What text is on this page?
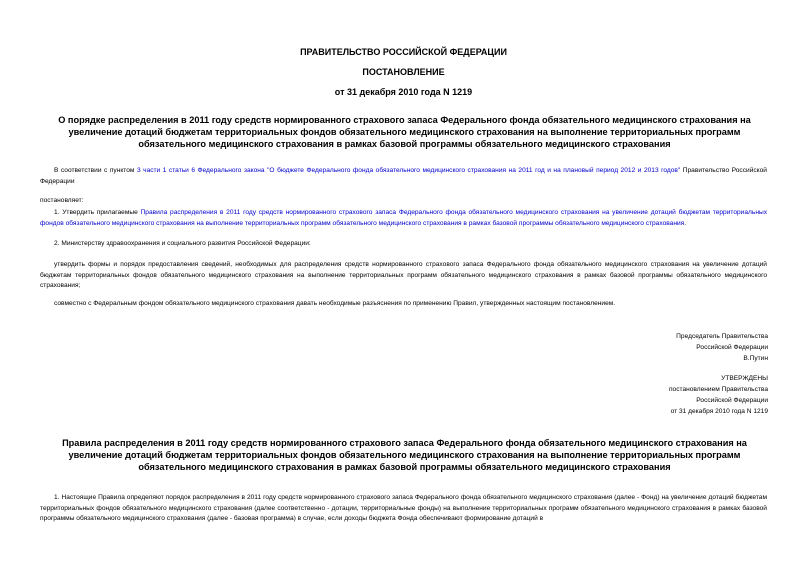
ПРАВИТЕЛЬСТВО РОССИЙСКОЙ ФЕДЕРАЦИИ
ПОСТАНОВЛЕНИЕ
от 31 декабря 2010 года N 1219
О порядке распределения в 2011 году средств нормированного страхового запаса Федерального фонда обязательного медицинского страхования на увеличение дотаций бюджетам территориальных фондов обязательного медицинского страхования на выполнение территориальных программ обязательного медицинского страхования в рамках базовой программы обязательного медицинского страхования
В соответствии с пунктом 3 части 1 статьи 6 Федерального закона "О бюджете Федерального фонда обязательного медицинского страхования на 2011 год и на плановый период 2012 и 2013 годов" Правительство Российской Федерации
постановляет:
1. Утвердить прилагаемые Правила распределения в 2011 году средств нормированного страхового запаса Федерального фонда обязательного медицинского страхования на увеличение дотаций бюджетам территориальных фондов обязательного медицинского страхования на выполнение территориальных программ обязательного медицинского страхования в рамках базовой программы обязательного медицинского страхования.
2. Министерству здравоохранения и социального развития Российской Федерации:
утвердить формы и порядок предоставления сведений, необходимых для распределения средств нормированного страхового запаса Федерального фонда обязательного медицинского страхования на увеличение дотаций бюджетам территориальных фондов обязательного медицинского страхования на выполнение территориальных программ обязательного медицинского страхования в рамках базовой программы обязательного медицинского страхования;
совместно с Федеральным фондом обязательного медицинского страхования давать необходимые разъяснения по применению Правил, утвержденных настоящим постановлением.
Председатель Правительства
Российской Федерации
В.Путин
УТВЕРЖДЕНЫ
постановлением Правительства
Российской Федерации
от 31 декабря 2010 года N 1219
Правила распределения в 2011 году средств нормированного страхового запаса Федерального фонда обязательного медицинского страхования на увеличение дотаций бюджетам территориальных фондов обязательного медицинского страхования на выполнение территориальных программ обязательного медицинского страхования в рамках базовой программы обязательного медицинского страхования
1. Настоящие Правила определяют порядок распределения в 2011 году средств нормированного страхового запаса Федерального фонда обязательного медицинского страхования (далее - Фонд) на увеличение дотаций бюджетам территориальных фондов обязательного медицинского страхования (далее соответственно - дотации, территориальные фонды) на выполнение территориальных программ обязательного медицинского страхования в рамках базовой программы обязательного медицинского страхования (далее - базовая программа) в случае, если доходы бюджета Фонда обеспечивают формирование дотаций в
